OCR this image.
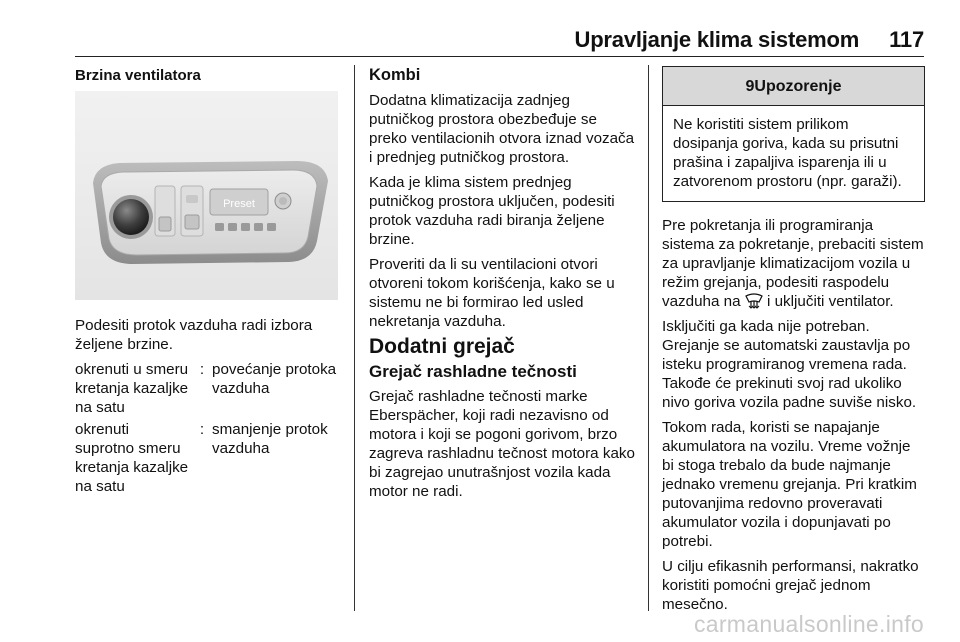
Upravljanje klima sistemom 117

Brzina ventilatora

Preset

Podesiti protok vazduha radi izbora željene brzine.

okrenuti u smeru kretanja kazaljke na satu
: povećanje protoka vazduha
okrenuti suprotno smeru kretanja kazaljke na satu
: smanjenje protok vazduha

Kombi

Dodatna klimatizacija zadnjeg putničkog prostora obezbeđuje se preko ventilacionih otvora iznad vozača i prednjeg putničkog prostora.

Kada je klima sistem prednjeg putničkog prostora uključen, podesiti protok vazduha radi biranja željene brzine.

Proveriti da li su ventilacioni otvori otvoreni tokom korišćenja, kako se u sistemu ne bi formirao led usled nekretanja vazduha.

Dodatni grejač

Grejač rashladne tečnosti

Grejač rashladne tečnosti marke Eberspächer, koji radi nezavisno od motora i koji se pogoni gorivom, brzo zagreva rashladnu tečnost motora kako bi zagrejao unutrašnjost vozila kada motor ne radi.

9Upozorenje
Ne koristiti sistem prilikom dosipanja goriva, kada su prisutni prašina i zapaljiva isparenja ili u zatvorenom prostoru (npr. garaži).

Pre pokretanja ili programiranja sistema za pokretanje, prebaciti sistem za upravljanje klimatizacijom vozila u režim grejanja, podesiti raspodelu vazduha na i uključiti ventilator.

Isključiti ga kada nije potreban. Grejanje se automatski zaustavlja po isteku programiranog vremena rada. Takođe će prekinuti svoj rad ukoliko nivo goriva vozila padne suviše nisko.

Tokom rada, koristi se napajanje akumulatora na vozilu. Vreme vožnje bi stoga trebalo da bude najmanje jednako vremenu grejanja. Pri kratkim putovanjima redovno proveravati akumulator vozila i dopunjavati po potrebi.

U cilju efikasnih performansi, nakratko koristiti pomoćni grejač jednom mesečno.

carmanualsonline.info
